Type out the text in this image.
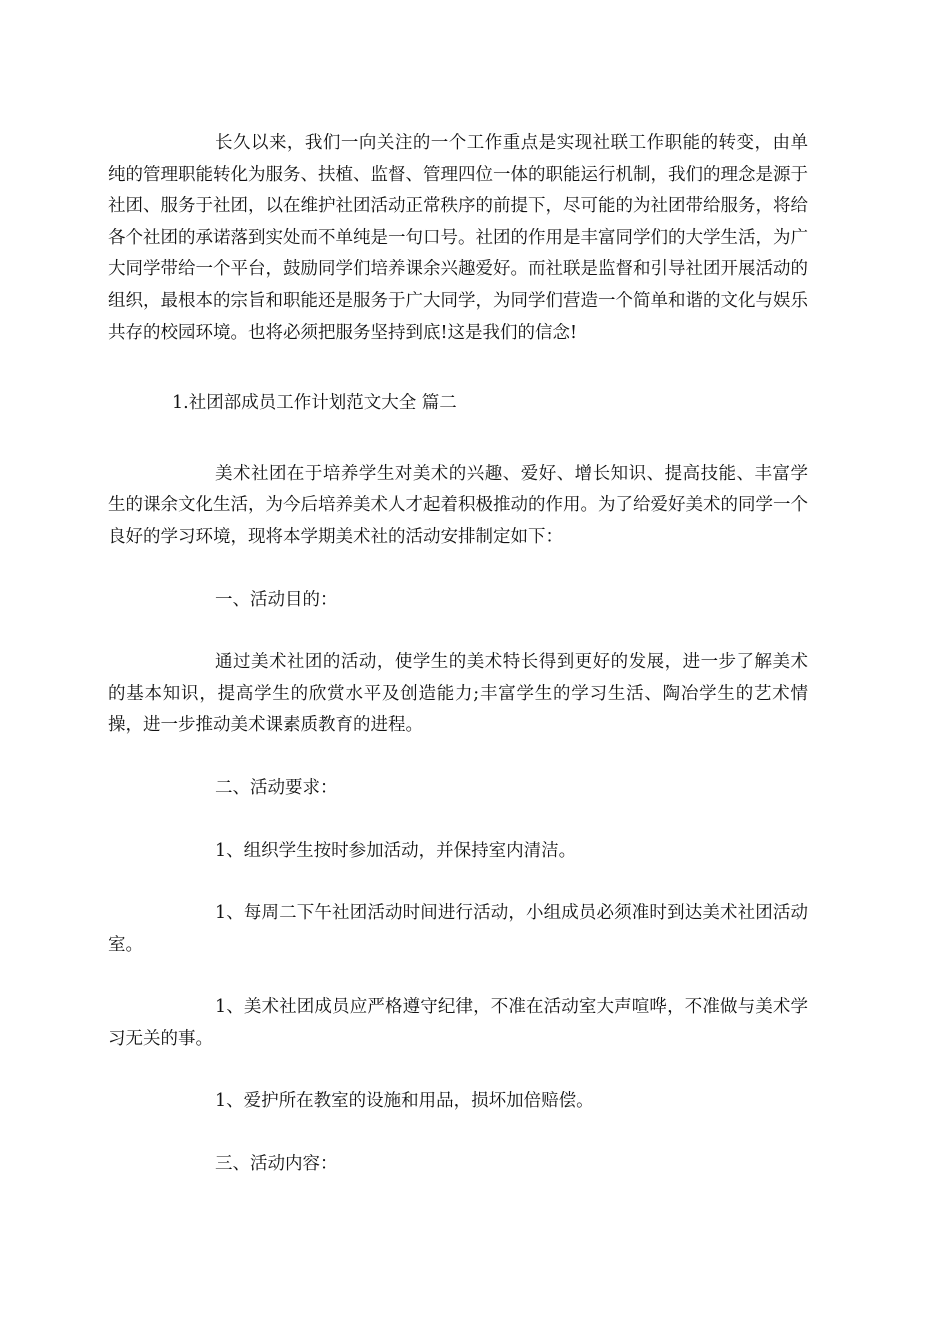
长久以来，我们一向关注的一个工作重点是实现社联工作职能的转变，由单纯的管理职能转化为服务、扶植、监督、管理四位一体的职能运行机制，我们的理念是源于社团、服务于社团，以在维护社团活动正常秩序的前提下，尽可能的为社团带给服务，将给各个社团的承诺落到实处而不单纯是一句口号。社团的作用是丰富同学们的大学生活，为广大同学带给一个平台，鼓励同学们培养课余兴趣爱好。而社联是监督和引导社团开展活动的组织，最根本的宗旨和职能还是服务于广大同学，为同学们营造一个简单和谐的文化与娱乐共存的校园环境。也将必须把服务坚持到底!这是我们的信念!

1.社团部成员工作计划范文大全 篇二

美术社团在于培养学生对美术的兴趣、爱好、增长知识、提高技能、丰富学生的课余文化生活，为今后培养美术人才起着积极推动的作用。为了给爱好美术的同学一个良好的学习环境，现将本学期美术社的活动安排制定如下：

一、活动目的：

通过美术社团的活动，使学生的美术特长得到更好的发展，进一步了解美术的基本知识，提高学生的欣赏水平及创造能力;丰富学生的学习生活、陶冶学生的艺术情操，进一步推动美术课素质教育的进程。

二、活动要求：

1、组织学生按时参加活动，并保持室内清洁。

1、每周二下午社团活动时间进行活动，小组成员必须准时到达美术社团活动室。

1、美术社团成员应严格遵守纪律，不准在活动室大声喧哗，不准做与美术学习无关的事。

1、爱护所在教室的设施和用品，损坏加倍赔偿。

三、活动内容：
